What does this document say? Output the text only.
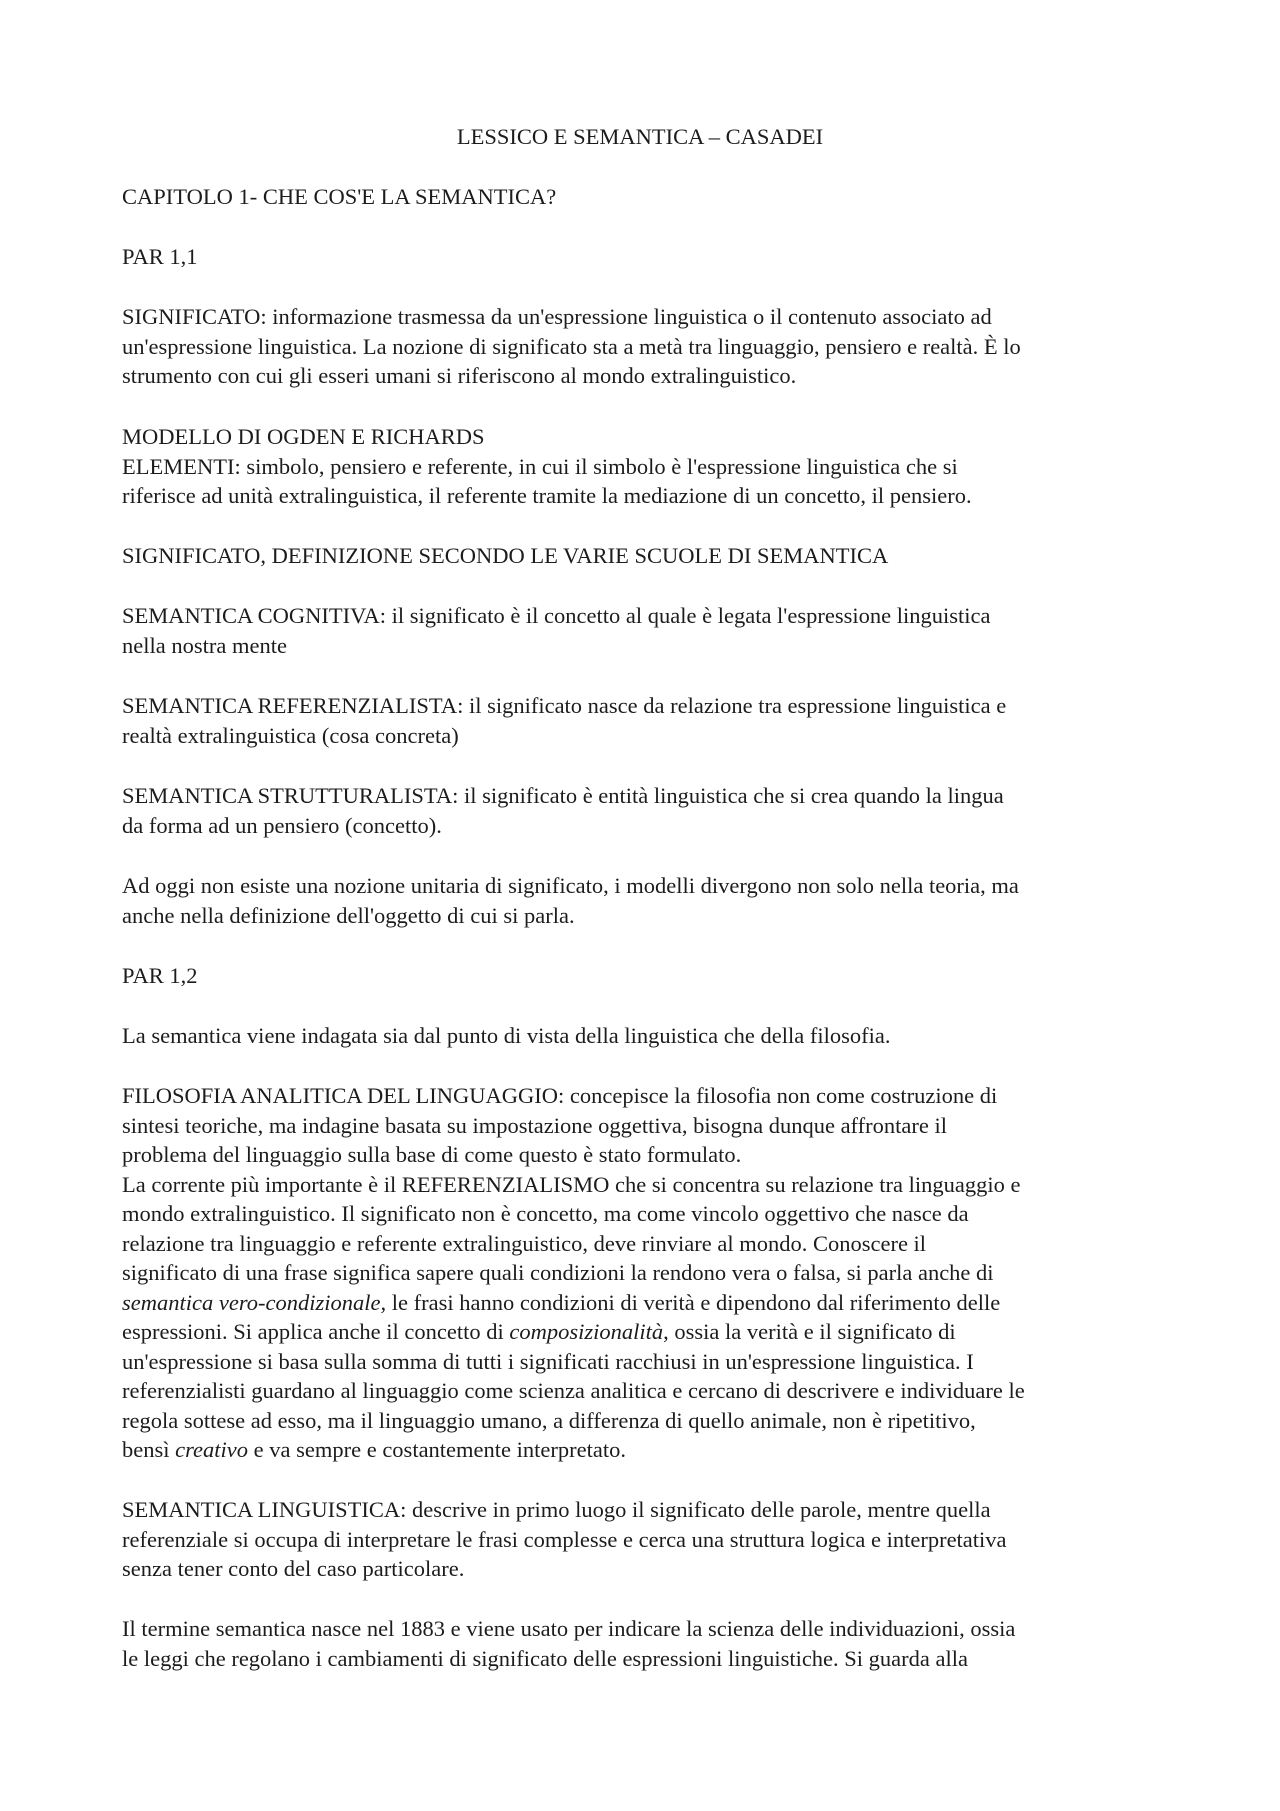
LESSICO E SEMANTICA – CASADEI

CAPITOLO 1- CHE COS'E LA SEMANTICA?

PAR 1,1

SIGNIFICATO: informazione trasmessa da un'espressione linguistica o il contenuto associato ad
un'espressione linguistica. La nozione di significato sta a metà tra linguaggio, pensiero e realtà. È lo
strumento con cui gli esseri umani si riferiscono al mondo extralinguistico.

MODELLO DI OGDEN E RICHARDS
ELEMENTI: simbolo, pensiero e referente, in cui il simbolo è l'espressione linguistica che si
riferisce ad unità extralinguistica, il referente tramite la mediazione di un concetto, il pensiero.

SIGNIFICATO, DEFINIZIONE SECONDO LE VARIE SCUOLE DI SEMANTICA

SEMANTICA COGNITIVA: il significato è il concetto al quale è legata l'espressione linguistica
nella nostra mente

SEMANTICA REFERENZIALISTA: il significato nasce da relazione tra espressione linguistica e
realtà extralinguistica (cosa concreta)

SEMANTICA STRUTTURALISTA: il significato è entità linguistica che si crea quando la lingua
da forma ad un pensiero (concetto).

Ad oggi non esiste una nozione unitaria di significato, i modelli divergono non solo nella teoria, ma
anche nella definizione dell'oggetto di cui si parla.

PAR 1,2

La semantica viene indagata sia dal punto di vista della linguistica che della filosofia.

FILOSOFIA ANALITICA DEL LINGUAGGIO: concepisce la filosofia non come costruzione di
sintesi teoriche, ma indagine basata su impostazione oggettiva, bisogna dunque affrontare il
problema del linguaggio sulla base di come questo è stato formulato.
La corrente più importante è il REFERENZIALISMO che si concentra su relazione tra linguaggio e
mondo extralinguistico. Il significato non è concetto, ma come vincolo oggettivo che nasce da
relazione tra linguaggio e referente extralinguistico, deve rinviare al mondo. Conoscere il
significato di una frase significa sapere quali condizioni la rendono vera o falsa, si parla anche di
semantica vero-condizionale, le frasi hanno condizioni di verità e dipendono dal riferimento delle
espressioni. Si applica anche il concetto di composizionalità, ossia la verità e il significato di
un'espressione si basa sulla somma di tutti i significati racchiusi in un'espressione linguistica. I
referenzialisti guardano al linguaggio come scienza analitica e cercano di descrivere e individuare le
regola sottese ad esso, ma il linguaggio umano, a differenza di quello animale, non è ripetitivo,
bensì creativo e va sempre e costantemente interpretato.

SEMANTICA LINGUISTICA: descrive in primo luogo il significato delle parole, mentre quella
referenziale si occupa di interpretare le frasi complesse e cerca una struttura logica e interpretativa
senza tener conto del caso particolare.

Il termine semantica nasce nel 1883 e viene usato per indicare la scienza delle individuazioni, ossia
le leggi che regolano i cambiamenti di significato delle espressioni linguistiche. Si guarda alla
